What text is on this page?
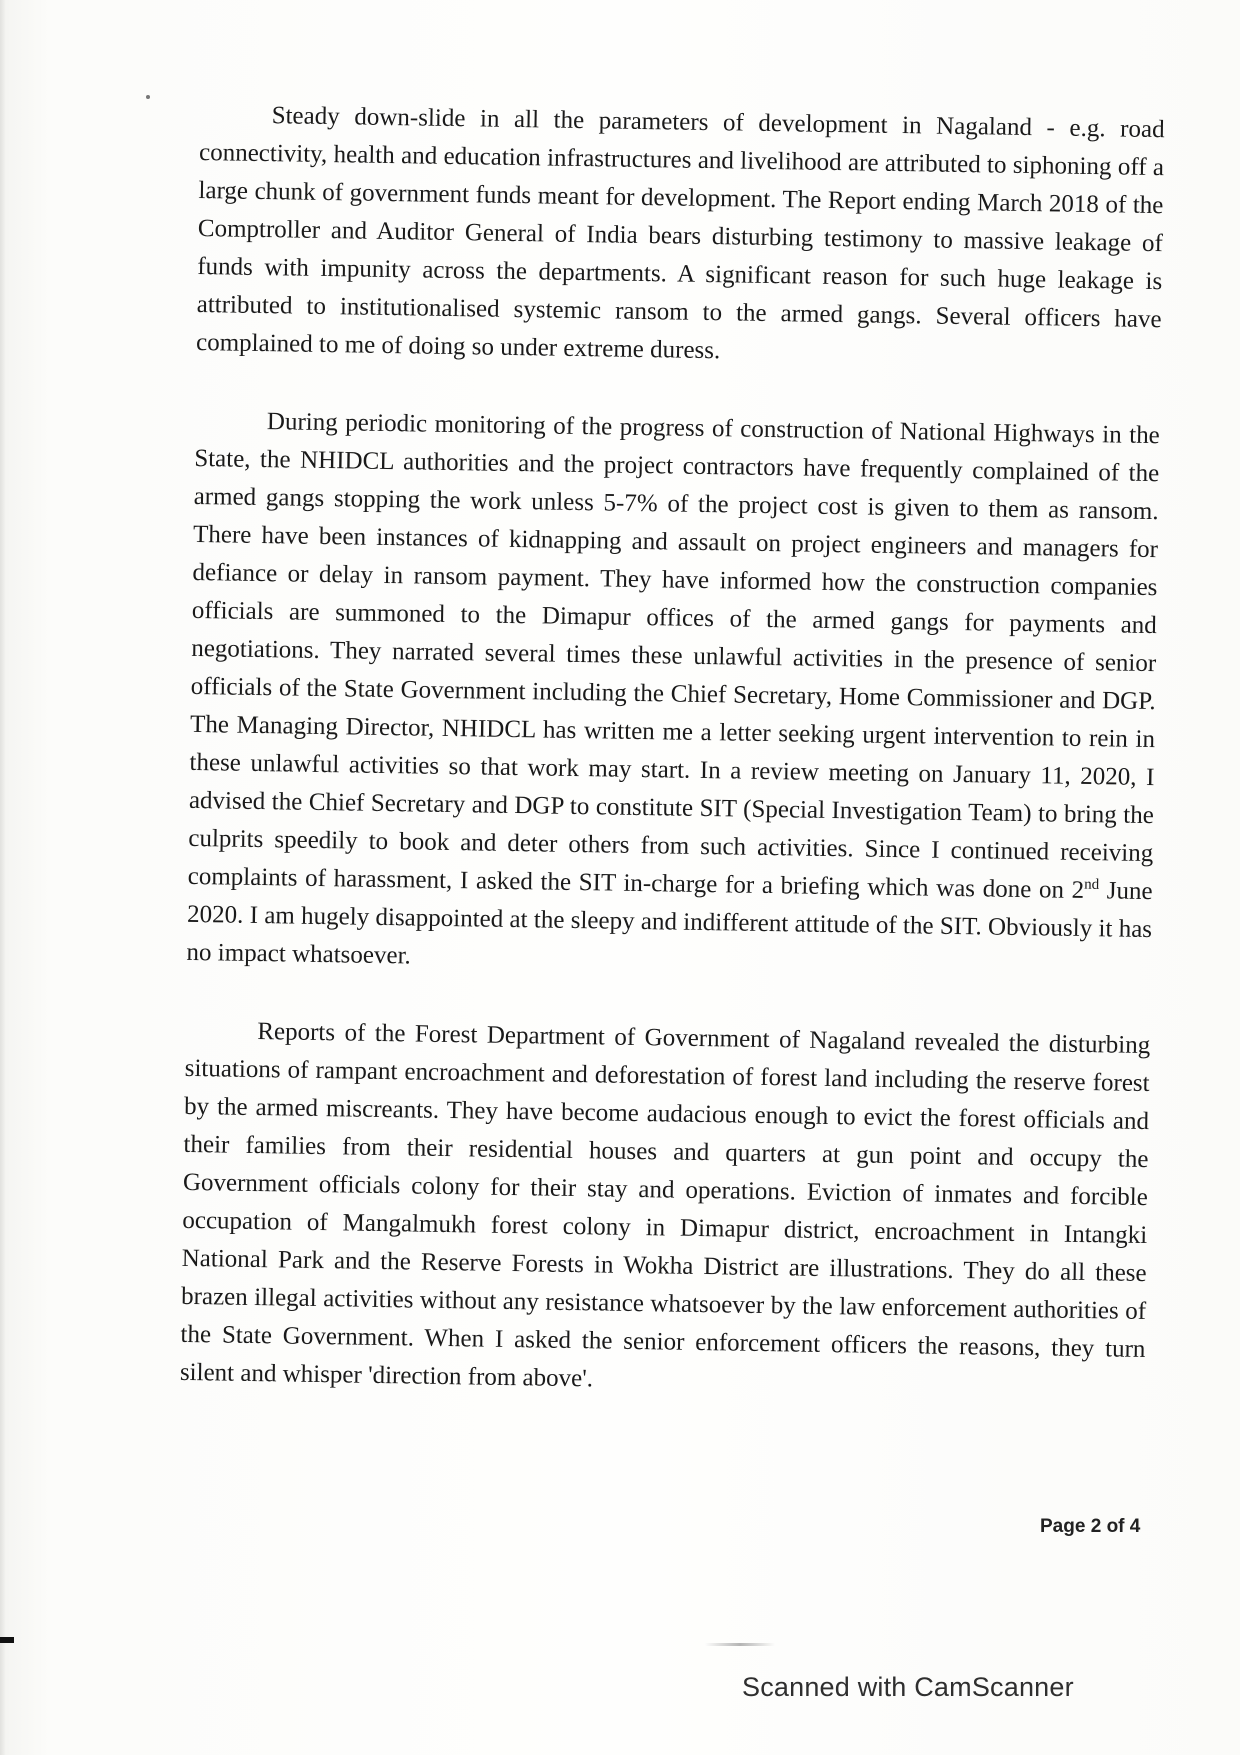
Steady down-slide in all the parameters of development in Nagaland - e.g. road connectivity, health and education infrastructures and livelihood are attributed to siphoning off a large chunk of government funds meant for development. The Report ending March 2018 of the Comptroller and Auditor General of India bears disturbing testimony to massive leakage of funds with impunity across the departments. A significant reason for such huge leakage is attributed to institutionalised systemic ransom to the armed gangs. Several officers have complained to me of doing so under extreme duress.

During periodic monitoring of the progress of construction of National Highways in the State, the NHIDCL authorities and the project contractors have frequently complained of the armed gangs stopping the work unless 5-7% of the project cost is given to them as ransom. There have been instances of kidnapping and assault on project engineers and managers for defiance or delay in ransom payment. They have informed how the construction companies officials are summoned to the Dimapur offices of the armed gangs for payments and negotiations. They narrated several times these unlawful activities in the presence of senior officials of the State Government including the Chief Secretary, Home Commissioner and DGP. The Managing Director, NHIDCL has written me a letter seeking urgent intervention to rein in these unlawful activities so that work may start. In a review meeting on January 11, 2020, I advised the Chief Secretary and DGP to constitute SIT (Special Investigation Team) to bring the culprits speedily to book and deter others from such activities. Since I continued receiving complaints of harassment, I asked the SIT in-charge for a briefing which was done on 2nd June 2020. I am hugely disappointed at the sleepy and indifferent attitude of the SIT. Obviously it has no impact whatsoever.

Reports of the Forest Department of Government of Nagaland revealed the disturbing situations of rampant encroachment and deforestation of forest land including the reserve forest by the armed miscreants. They have become audacious enough to evict the forest officials and their families from their residential houses and quarters at gun point and occupy the Government officials colony for their stay and operations. Eviction of inmates and forcible occupation of Mangalmukh forest colony in Dimapur district, encroachment in Intangki National Park and the Reserve Forests in Wokha District are illustrations. They do all these brazen illegal activities without any resistance whatsoever by the law enforcement authorities of the State Government. When I asked the senior enforcement officers the reasons, they turn silent and whisper 'direction from above'.

Page 2 of 4
Scanned with CamScanner
